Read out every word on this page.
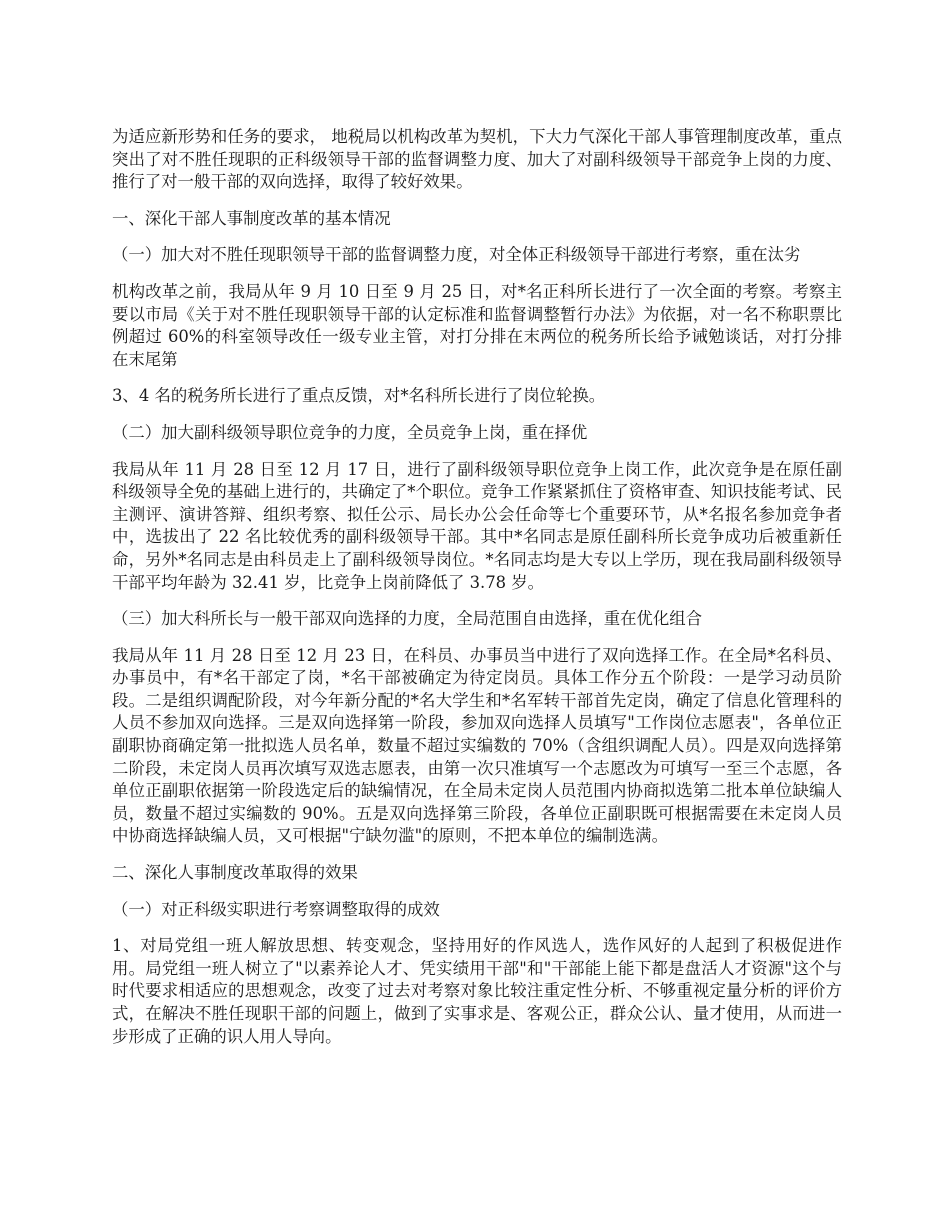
为适应新形势和任务的要求， 地税局以机构改革为契机，下大力气深化干部人事管理制度改革，重点突出了对不胜任现职的正科级领导干部的监督调整力度、加大了对副科级领导干部竞争上岗的力度、推行了对一般干部的双向选择，取得了较好效果。

一、深化干部人事制度改革的基本情况

（一）加大对不胜任现职领导干部的监督调整力度，对全体正科级领导干部进行考察，重在汰劣

机构改革之前，我局从年 9 月 10 日至 9 月 25 日，对*名正科所长进行了一次全面的考察。考察主要以市局《关于对不胜任现职领导干部的认定标准和监督调整暂行办法》为依据，对一名不称职票比例超过 60%的科室领导改任一级专业主管，对打分排在末两位的税务所长给予诫勉谈话，对打分排在末尾第

3、4 名的税务所长进行了重点反馈，对*名科所长进行了岗位轮换。

（二）加大副科级领导职位竞争的力度，全员竞争上岗，重在择优

我局从年 11 月 28 日至 12 月 17 日，进行了副科级领导职位竞争上岗工作，此次竞争是在原任副科级领导全免的基础上进行的，共确定了*个职位。竞争工作紧紧抓住了资格审查、知识技能考试、民主测评、演讲答辩、组织考察、拟任公示、局长办公会任命等七个重要环节，从*名报名参加竞争者中，选拔出了 22 名比较优秀的副科级领导干部。其中*名同志是原任副科所长竞争成功后被重新任命，另外*名同志是由科员走上了副科级领导岗位。*名同志均是大专以上学历，现在我局副科级领导干部平均年龄为 32.41 岁，比竞争上岗前降低了 3.78 岁。

（三）加大科所长与一般干部双向选择的力度，全局范围自由选择，重在优化组合

我局从年 11 月 28 日至 12 月 23 日，在科员、办事员当中进行了双向选择工作。在全局*名科员、办事员中，有*名干部定了岗，*名干部被确定为待定岗员。具体工作分五个阶段：一是学习动员阶段。二是组织调配阶段，对今年新分配的*名大学生和*名军转干部首先定岗，确定了信息化管理科的人员不参加双向选择。三是双向选择第一阶段，参加双向选择人员填写"工作岗位志愿表"，各单位正副职协商确定第一批拟选人员名单，数量不超过实编数的 70%（含组织调配人员）。四是双向选择第二阶段，未定岗人员再次填写双选志愿表，由第一次只准填写一个志愿改为可填写一至三个志愿，各单位正副职依据第一阶段选定后的缺编情况，在全局未定岗人员范围内协商拟选第二批本单位缺编人员，数量不超过实编数的 90%。五是双向选择第三阶段，各单位正副职既可根据需要在未定岗人员中协商选择缺编人员，又可根据"宁缺勿滥"的原则，不把本单位的编制选满。

二、深化人事制度改革取得的效果

（一）对正科级实职进行考察调整取得的成效

1、对局党组一班人解放思想、转变观念，坚持用好的作风选人，选作风好的人起到了积极促进作用。局党组一班人树立了"以素养论人才、凭实绩用干部"和"干部能上能下都是盘活人才资源"这个与时代要求相适应的思想观念，改变了过去对考察对象比较注重定性分析、不够重视定量分析的评价方式，在解决不胜任现职干部的问题上，做到了实事求是、客观公正，群众公认、量才使用，从而进一步形成了正确的识人用人导向。
